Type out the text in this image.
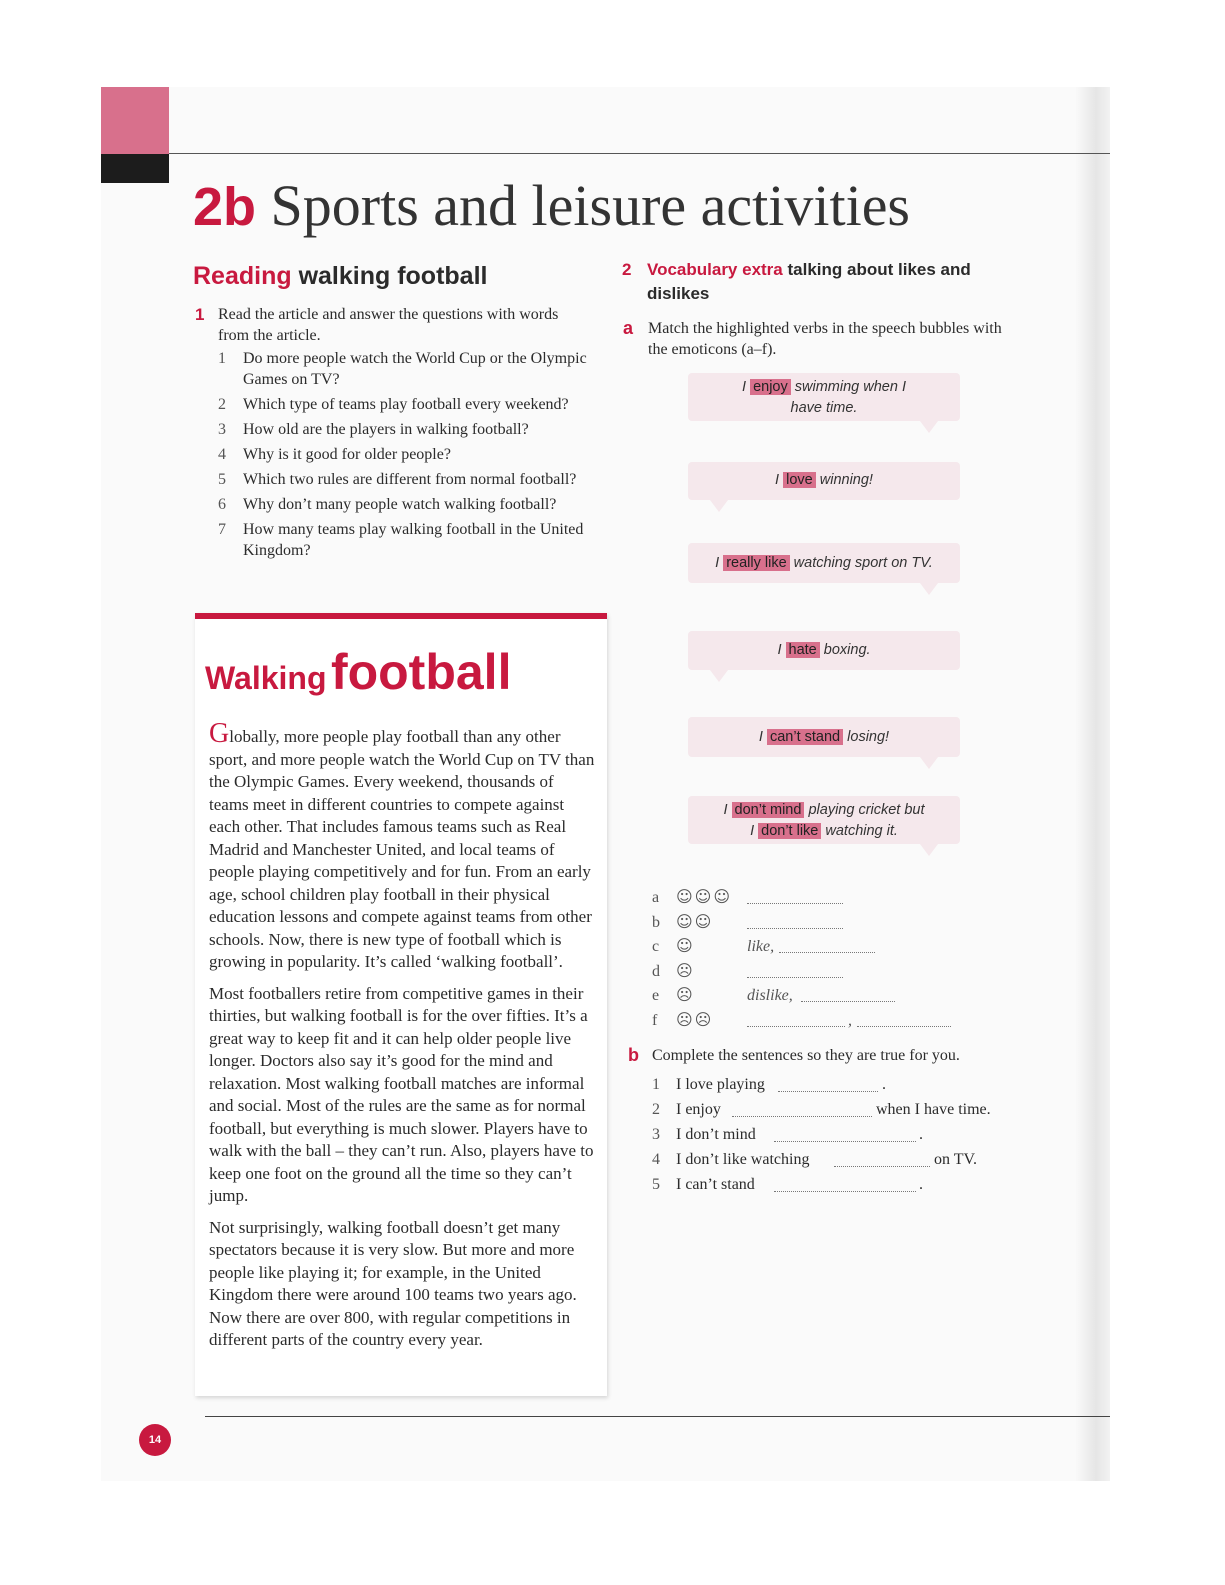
2b Sports and leisure activities
Reading walking football
1 Read the article and answer the questions with words from the article.
1 Do more people watch the World Cup or the Olympic Games on TV?
2 Which type of teams play football every weekend?
3 How old are the players in walking football?
4 Why is it good for older people?
5 Which two rules are different from normal football?
6 Why don’t many people watch walking football?
7 How many teams play walking football in the United Kingdom?
Walking football

Globally, more people play football than any other sport, and more people watch the World Cup on TV than the Olympic Games. Every weekend, thousands of teams meet in different countries to compete against each other. That includes famous teams such as Real Madrid and Manchester United, and local teams of people playing competitively and for fun. From an early age, school children play football in their physical education lessons and compete against teams from other schools. Now, there is new type of football which is growing in popularity. It’s called ‘walking football’.

Most footballers retire from competitive games in their thirties, but walking football is for the over fifties. It’s a great way to keep fit and it can help older people live longer. Doctors also say it’s good for the mind and relaxation. Most walking football matches are informal and social. Most of the rules are the same as for normal football, but everything is much slower. Players have to walk with the ball – they can’t run. Also, players have to keep one foot on the ground all the time so they can’t jump.

Not surprisingly, walking football doesn’t get many spectators because it is very slow. But more and more people like playing it; for example, in the United Kingdom there were around 100 teams two years ago. Now there are over 800, with regular competitions in different parts of the country every year.

2 Vocabulary extra talking about likes and dislikes
a Match the highlighted verbs in the speech bubbles with the emoticons (a–f).
I enjoy swimming when I
have time.
I love winning!
I really like watching sport on TV.
I hate boxing.
I can’t stand losing!
I don’t mind playing cricket but
I don’t like watching it.
a ☺☺☺
b ☺☺
c ☺	like,
d ☹
e ☹	dislike,
f ☹☹	,
b Complete the sentences so they are true for you.
1 I love playing	.
2 I enjoy	when I have time.
3 I don’t mind	.
4 I don’t like watching	on TV.
5 I can’t stand	.
14
